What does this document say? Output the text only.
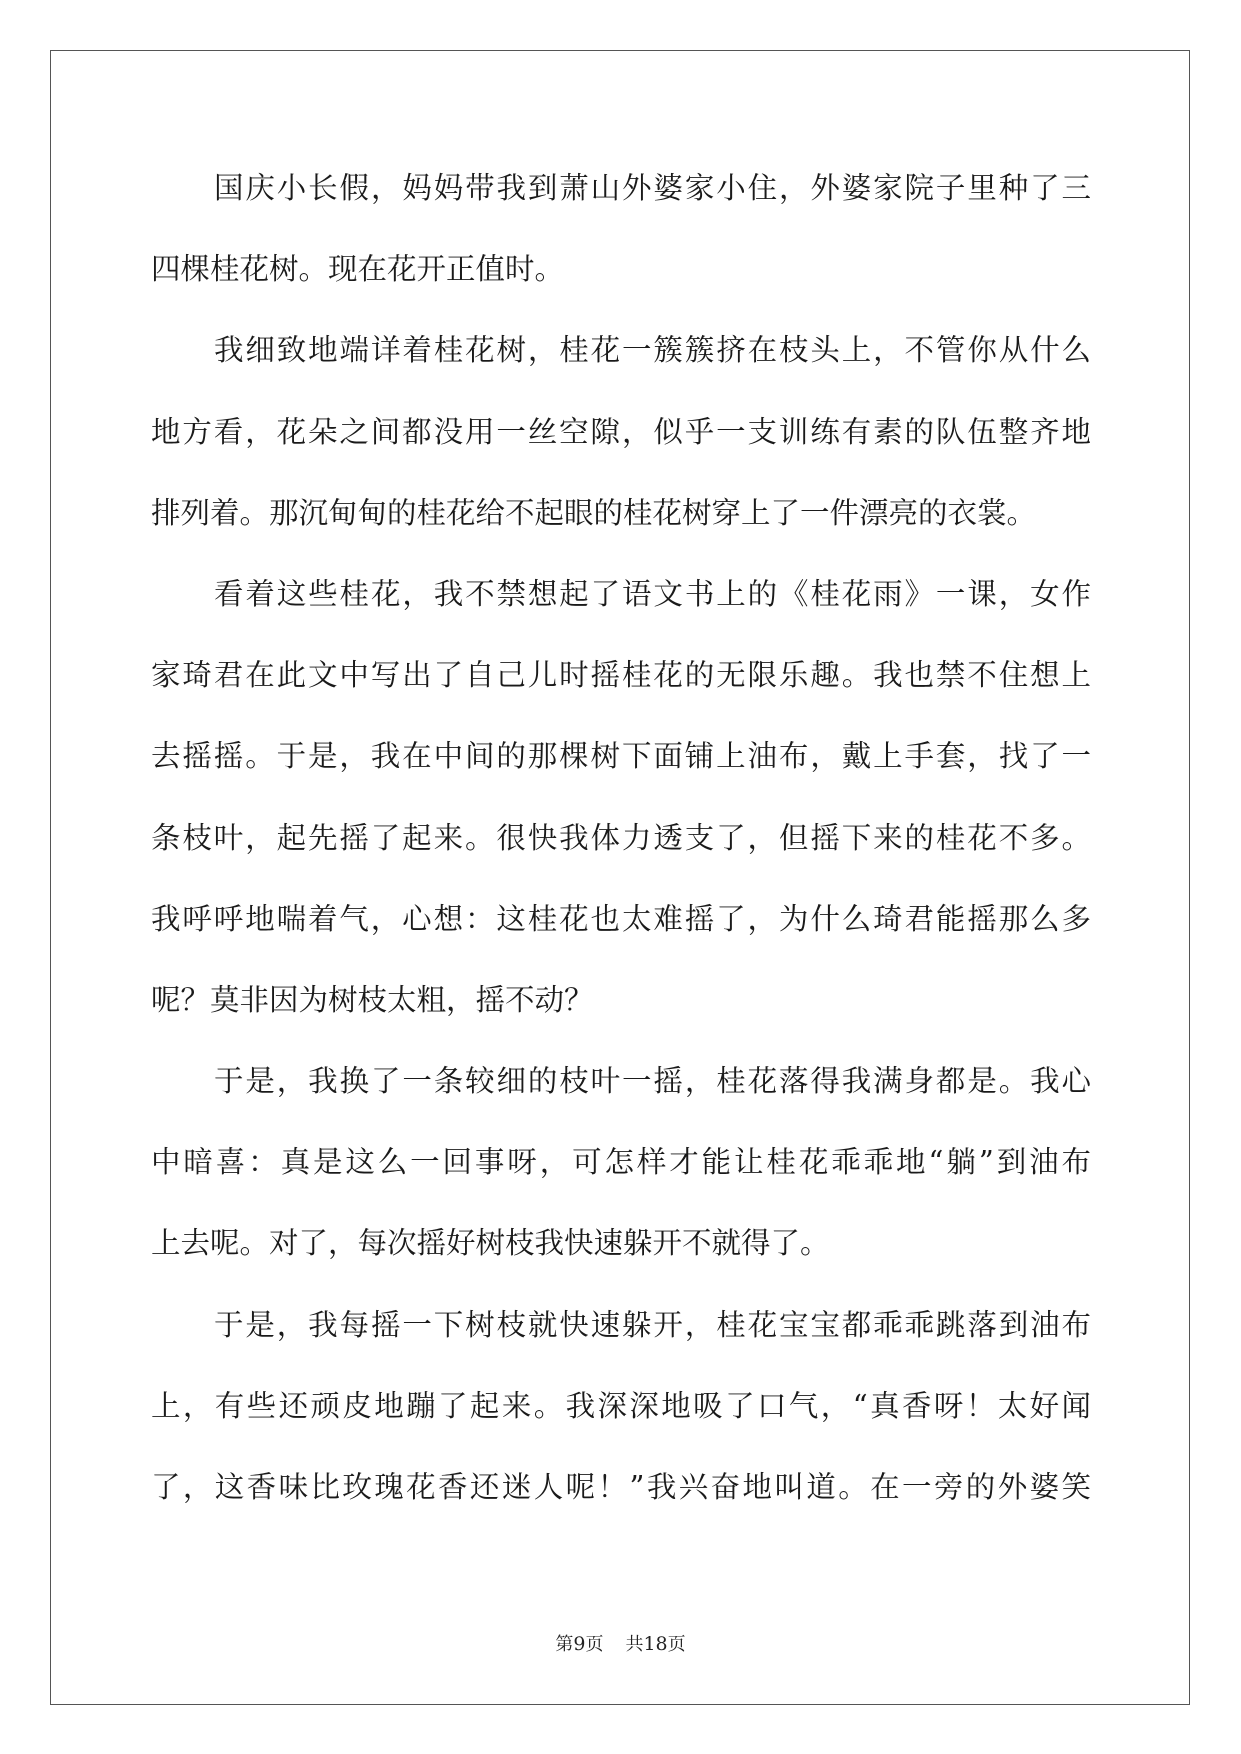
国庆小长假，妈妈带我到萧山外婆家小住，外婆家院子里种了三
四棵桂花树。现在花开正值时。
我细致地端详着桂花树，桂花一簇簇挤在枝头上，不管你从什么
地方看，花朵之间都没用一丝空隙，似乎一支训练有素的队伍整齐地
排列着。那沉甸甸的桂花给不起眼的桂花树穿上了一件漂亮的衣裳。
看着这些桂花，我不禁想起了语文书上的《桂花雨》一课，女作
家琦君在此文中写出了自己儿时摇桂花的无限乐趣。我也禁不住想上
去摇摇。于是，我在中间的那棵树下面铺上油布，戴上手套，找了一
条枝叶，起先摇了起来。很快我体力透支了，但摇下来的桂花不多。
我呼呼地喘着气，心想：这桂花也太难摇了，为什么琦君能摇那么多
呢？莫非因为树枝太粗，摇不动？
于是，我换了一条较细的枝叶一摇，桂花落得我满身都是。我心
中暗喜：真是这么一回事呀，可怎样才能让桂花乖乖地“躺”到油布
上去呢。对了，每次摇好树枝我快速躲开不就得了。
于是，我每摇一下树枝就快速躲开，桂花宝宝都乖乖跳落到油布
上，有些还顽皮地蹦了起来。我深深地吸了口气，“真香呀！太好闻
了，这香味比玫瑰花香还迷人呢！”我兴奋地叫道。在一旁的外婆笑
第9页 共18页
